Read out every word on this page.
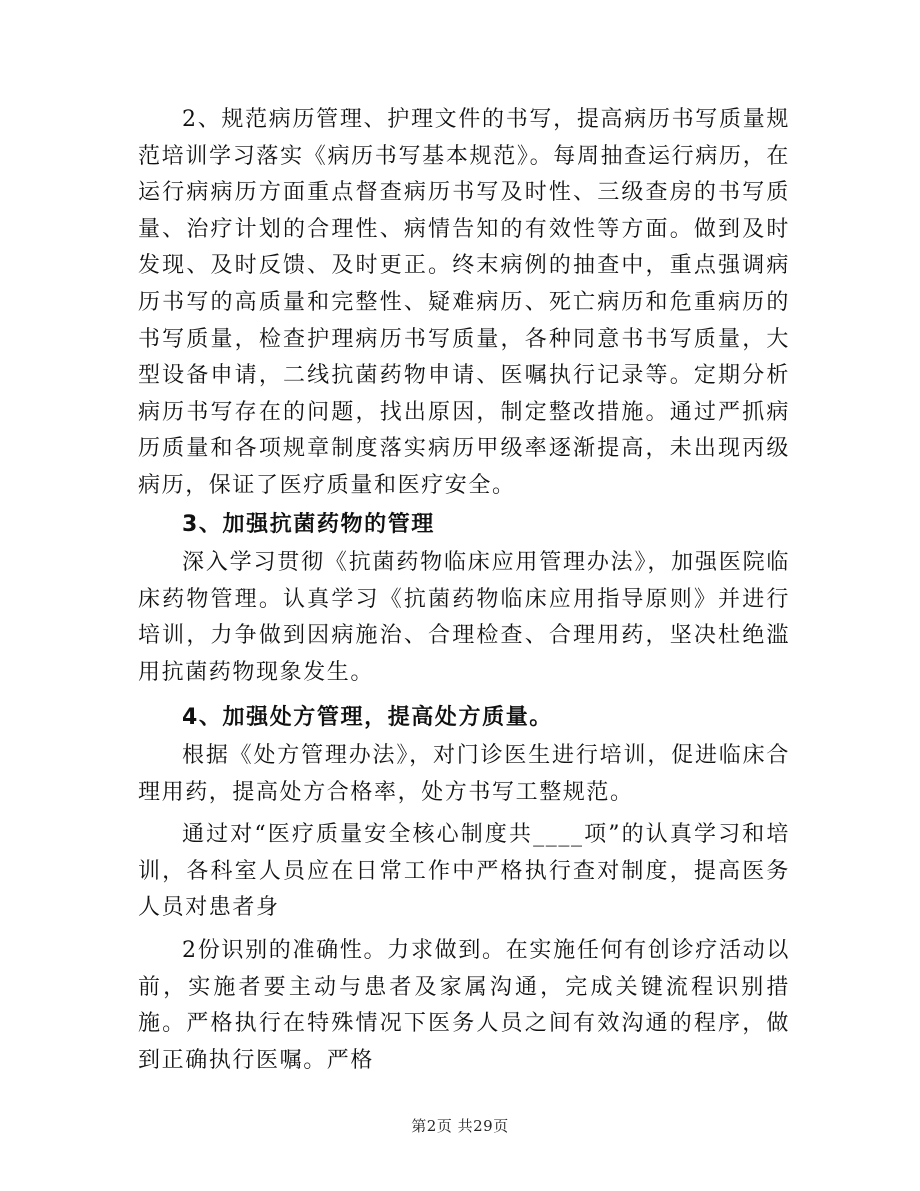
2、规范病历管理、护理文件的书写，提高病历书写质量规范培训学习落实《病历书写基本规范》。每周抽查运行病历，在运行病病历方面重点督查病历书写及时性、三级查房的书写质量、治疗计划的合理性、病情告知的有效性等方面。做到及时发现、及时反馈、及时更正。终末病例的抽查中，重点强调病历书写的高质量和完整性、疑难病历、死亡病历和危重病历的书写质量，检查护理病历书写质量，各种同意书书写质量，大型设备申请，二线抗菌药物申请、医嘱执行记录等。定期分析病历书写存在的问题，找出原因，制定整改措施。通过严抓病历质量和各项规章制度落实病历甲级率逐渐提高，未出现丙级病历，保证了医疗质量和医疗安全。

3、加强抗菌药物的管理

深入学习贯彻《抗菌药物临床应用管理办法》，加强医院临床药物管理。认真学习《抗菌药物临床应用指导原则》并进行培训，力争做到因病施治、合理检查、合理用药，坚决杜绝滥用抗菌药物现象发生。

4、加强处方管理，提高处方质量。

根据《处方管理办法》，对门诊医生进行培训，促进临床合理用药，提高处方合格率，处方书写工整规范。

通过对“医疗质量安全核心制度共____项”的认真学习和培训，各科室人员应在日常工作中严格执行查对制度，提高医务人员对患者身

2份识别的准确性。力求做到。在实施任何有创诊疗活动以前，实施者要主动与患者及家属沟通，完成关键流程识别措施。严格执行在特殊情况下医务人员之间有效沟通的程序，做到正确执行医嘱。严格

第2页 共29页
